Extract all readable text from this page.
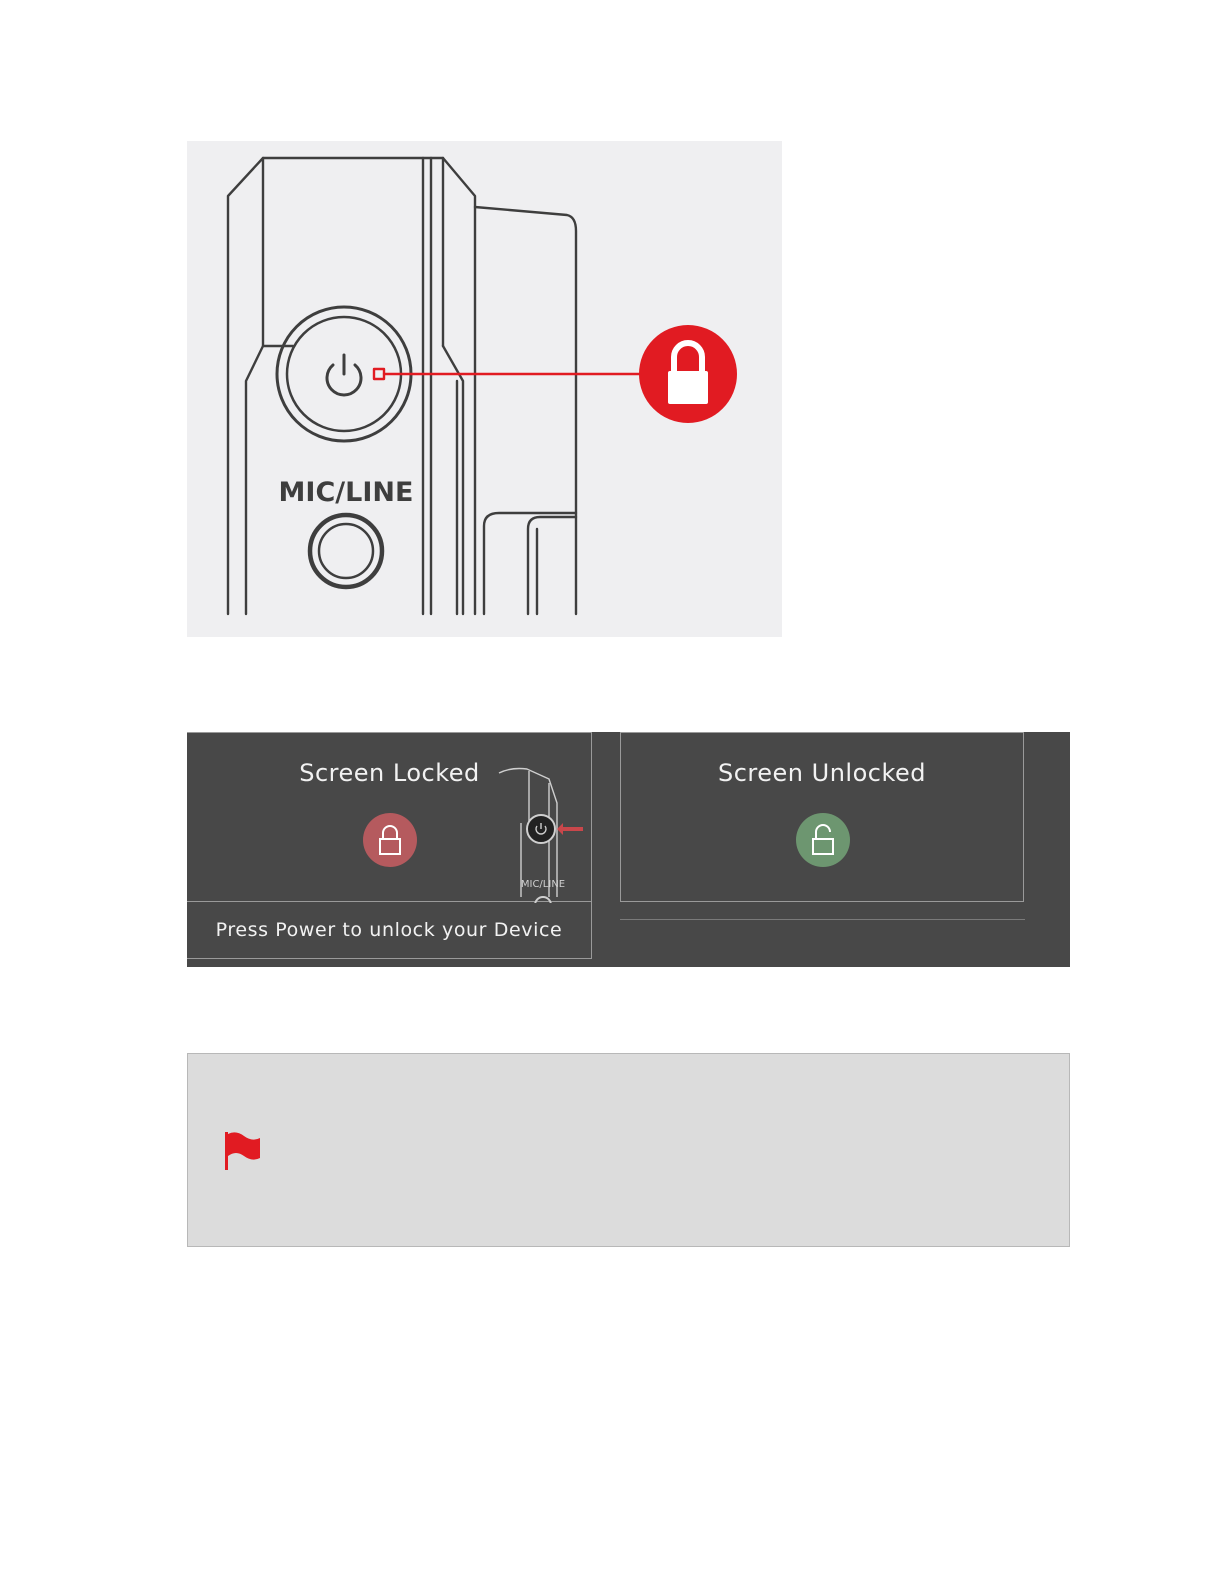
MIC/LINE
Screen Locked
MIC/LINE
Press Power to unlock your Device
Screen Unlocked
